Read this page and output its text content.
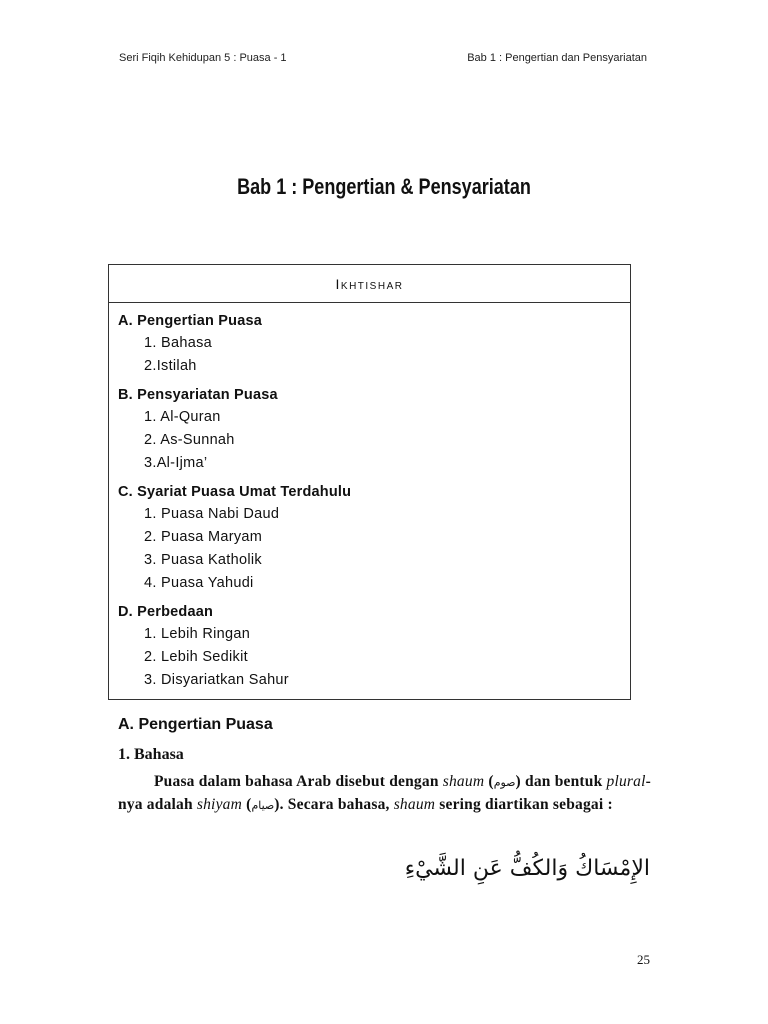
Seri Fiqih Kehidupan 5 : Puasa - 1	Bab 1 : Pengertian dan Pensyariatan
Bab 1 : Pengertian & Pensyariatan
Ikhtishar
A. Pengertian Puasa
1. Bahasa
2.Istilah
B. Pensyariatan Puasa
1. Al-Quran
2. As-Sunnah
3.Al-Ijma’
C. Syariat Puasa Umat Terdahulu
1. Puasa Nabi Daud
2. Puasa Maryam
3. Puasa Katholik
4. Puasa Yahudi
D. Perbedaan
1. Lebih Ringan
2. Lebih Sedikit
3. Disyariatkan Sahur
A. Pengertian Puasa
1. Bahasa
Puasa dalam bahasa Arab disebut dengan shaum (صوم) dan bentuk plural-nya adalah shiyam (صيام). Secara bahasa, shaum sering diartikan sebagai :
الإِمْسَاكُ وَالكُفُّ عَنِ الشَّيْءِ
25
